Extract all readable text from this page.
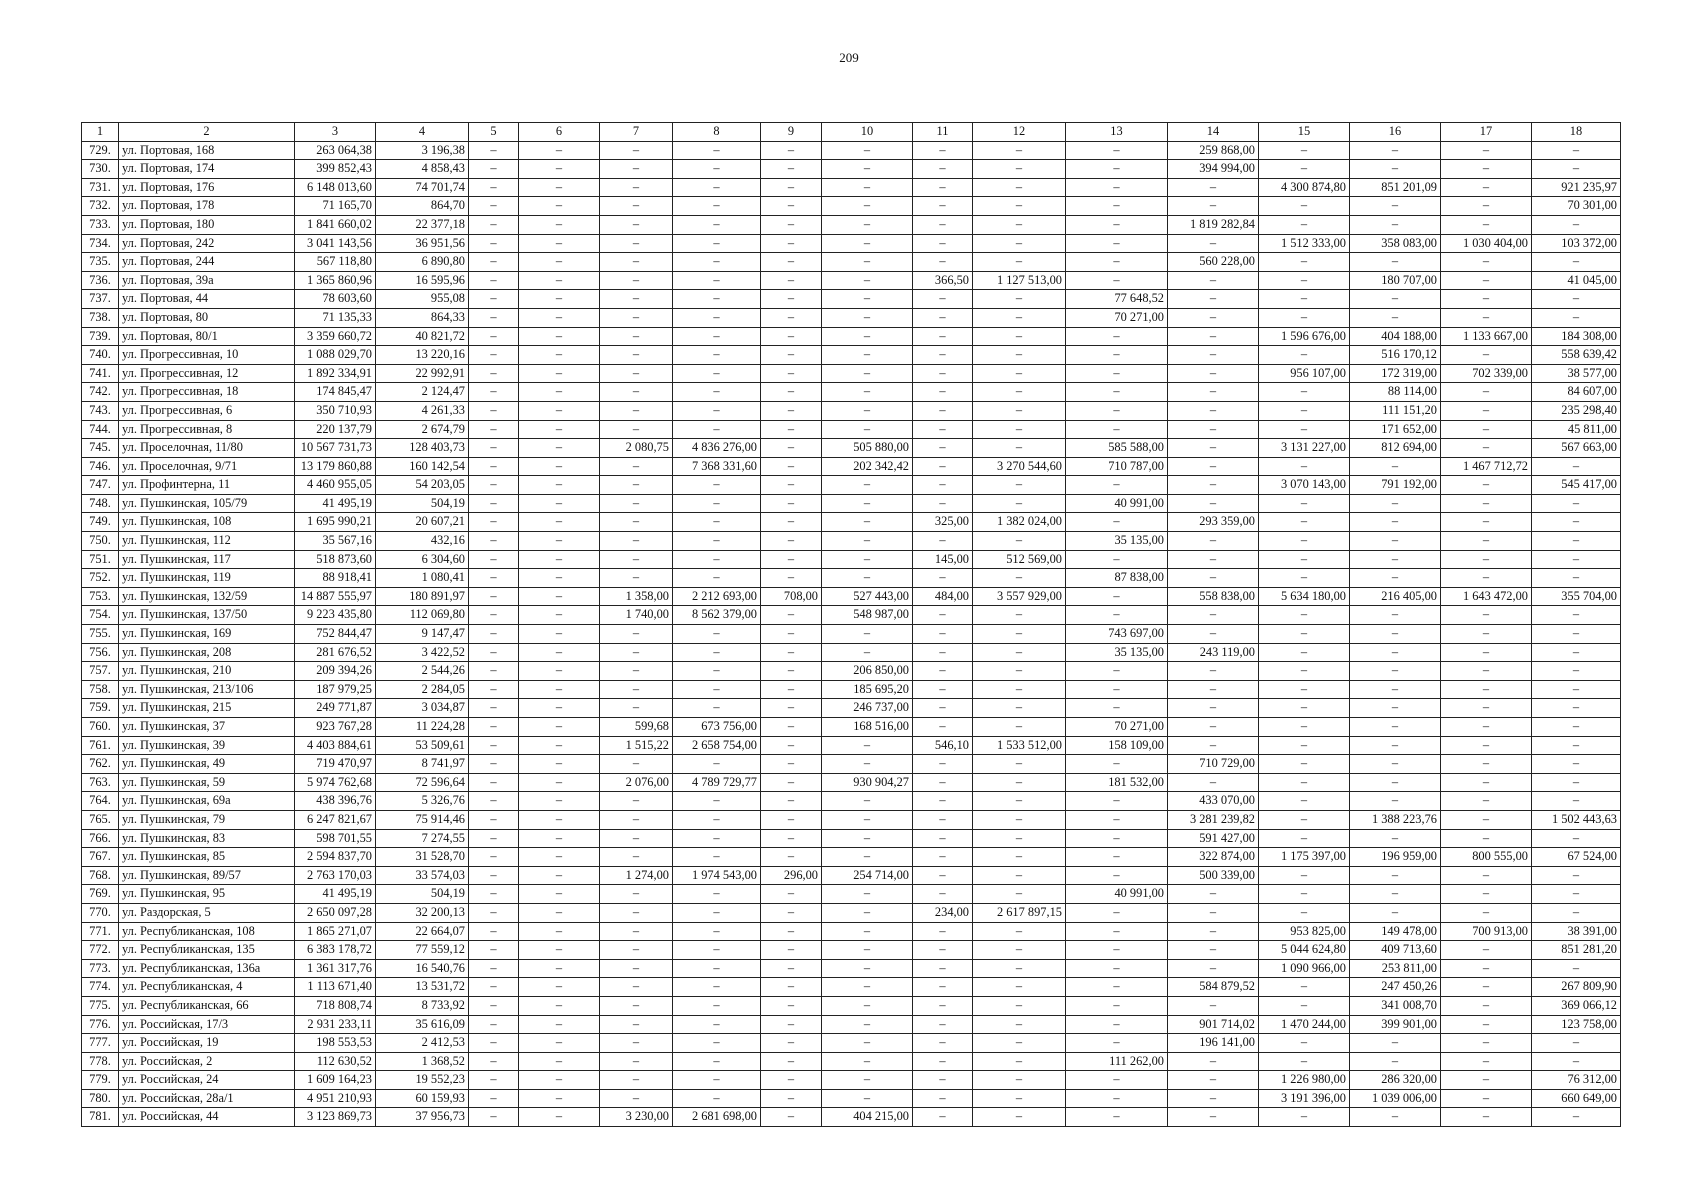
209
1	2	3	4	5	6	7	8	9	10	11	12	13	14	15	16	17	18
729.	ул. Портовая, 168	263 064,38	3 196,38	–	–	–	–	–	–	–	–	–	259 868,00	–	–	–	–
730.	ул. Портовая, 174	399 852,43	4 858,43	–	–	–	–	–	–	–	–	–	394 994,00	–	–	–	–
731.	ул. Портовая, 176	6 148 013,60	74 701,74	–	–	–	–	–	–	–	–	–	–	4 300 874,80	851 201,09	–	921 235,97
732.	ул. Портовая, 178	71 165,70	864,70	–	–	–	–	–	–	–	–	–	–	–	–	–	70 301,00
733.	ул. Портовая, 180	1 841 660,02	22 377,18	–	–	–	–	–	–	–	–	–	1 819 282,84	–	–	–	–
734.	ул. Портовая, 242	3 041 143,56	36 951,56	–	–	–	–	–	–	–	–	–	–	1 512 333,00	358 083,00	1 030 404,00	103 372,00
735.	ул. Портовая, 244	567 118,80	6 890,80	–	–	–	–	–	–	–	–	–	560 228,00	–	–	–	–
736.	ул. Портовая, 39а	1 365 860,96	16 595,96	–	–	–	–	–	–	366,50	1 127 513,00	–	–	–	180 707,00	–	41 045,00
737.	ул. Портовая, 44	78 603,60	955,08	–	–	–	–	–	–	–	–	77 648,52	–	–	–	–	–
738.	ул. Портовая, 80	71 135,33	864,33	–	–	–	–	–	–	–	–	70 271,00	–	–	–	–	–
739.	ул. Портовая, 80/1	3 359 660,72	40 821,72	–	–	–	–	–	–	–	–	–	–	1 596 676,00	404 188,00	1 133 667,00	184 308,00
740.	ул. Прогрессивная, 10	1 088 029,70	13 220,16	–	–	–	–	–	–	–	–	–	–	–	516 170,12	–	558 639,42
741.	ул. Прогрессивная, 12	1 892 334,91	22 992,91	–	–	–	–	–	–	–	–	–	–	956 107,00	172 319,00	702 339,00	38 577,00
742.	ул. Прогрессивная, 18	174 845,47	2 124,47	–	–	–	–	–	–	–	–	–	–	–	88 114,00	–	84 607,00
743.	ул. Прогрессивная, 6	350 710,93	4 261,33	–	–	–	–	–	–	–	–	–	–	–	111 151,20	–	235 298,40
744.	ул. Прогрессивная, 8	220 137,79	2 674,79	–	–	–	–	–	–	–	–	–	–	–	171 652,00	–	45 811,00
745.	ул. Проселочная, 11/80	10 567 731,73	128 403,73	–	–	2 080,75	4 836 276,00	–	505 880,00	–	–	585 588,00	–	3 131 227,00	812 694,00	–	567 663,00
746.	ул. Проселочная, 9/71	13 179 860,88	160 142,54	–	–	–	7 368 331,60	–	202 342,42	–	3 270 544,60	710 787,00	–	–	–	1 467 712,72	–
747.	ул. Профинтерна, 11	4 460 955,05	54 203,05	–	–	–	–	–	–	–	–	–	–	3 070 143,00	791 192,00	–	545 417,00
748.	ул. Пушкинская, 105/79	41 495,19	504,19	–	–	–	–	–	–	–	–	40 991,00	–	–	–	–	–
749.	ул. Пушкинская, 108	1 695 990,21	20 607,21	–	–	–	–	–	–	325,00	1 382 024,00	–	293 359,00	–	–	–	–
750.	ул. Пушкинская, 112	35 567,16	432,16	–	–	–	–	–	–	–	–	35 135,00	–	–	–	–	–
751.	ул. Пушкинская, 117	518 873,60	6 304,60	–	–	–	–	–	–	145,00	512 569,00	–	–	–	–	–	–
752.	ул. Пушкинская, 119	88 918,41	1 080,41	–	–	–	–	–	–	–	–	87 838,00	–	–	–	–	–
753.	ул. Пушкинская, 132/59	14 887 555,97	180 891,97	–	–	1 358,00	2 212 693,00	708,00	527 443,00	484,00	3 557 929,00	–	558 838,00	5 634 180,00	216 405,00	1 643 472,00	355 704,00
754.	ул. Пушкинская, 137/50	9 223 435,80	112 069,80	–	–	1 740,00	8 562 379,00	–	548 987,00	–	–	–	–	–	–	–	–
755.	ул. Пушкинская, 169	752 844,47	9 147,47	–	–	–	–	–	–	–	–	743 697,00	–	–	–	–	–
756.	ул. Пушкинская, 208	281 676,52	3 422,52	–	–	–	–	–	–	–	–	35 135,00	243 119,00	–	–	–	–
757.	ул. Пушкинская, 210	209 394,26	2 544,26	–	–	–	–	–	206 850,00	–	–	–	–	–	–	–	–
758.	ул. Пушкинская, 213/106	187 979,25	2 284,05	–	–	–	–	–	185 695,20	–	–	–	–	–	–	–	–
759.	ул. Пушкинская, 215	249 771,87	3 034,87	–	–	–	–	–	246 737,00	–	–	–	–	–	–	–	–
760.	ул. Пушкинская, 37	923 767,28	11 224,28	–	–	599,68	673 756,00	–	168 516,00	–	–	70 271,00	–	–	–	–	–
761.	ул. Пушкинская, 39	4 403 884,61	53 509,61	–	–	1 515,22	2 658 754,00	–	–	546,10	1 533 512,00	158 109,00	–	–	–	–	–
762.	ул. Пушкинская, 49	719 470,97	8 741,97	–	–	–	–	–	–	–	–	–	710 729,00	–	–	–	–
763.	ул. Пушкинская, 59	5 974 762,68	72 596,64	–	–	2 076,00	4 789 729,77	–	930 904,27	–	–	181 532,00	–	–	–	–	–
764.	ул. Пушкинская, 69а	438 396,76	5 326,76	–	–	–	–	–	–	–	–	–	433 070,00	–	–	–	–
765.	ул. Пушкинская, 79	6 247 821,67	75 914,46	–	–	–	–	–	–	–	–	–	3 281 239,82	–	1 388 223,76	–	1 502 443,63
766.	ул. Пушкинская, 83	598 701,55	7 274,55	–	–	–	–	–	–	–	–	–	591 427,00	–	–	–	–
767.	ул. Пушкинская, 85	2 594 837,70	31 528,70	–	–	–	–	–	–	–	–	–	322 874,00	1 175 397,00	196 959,00	800 555,00	67 524,00
768.	ул. Пушкинская, 89/57	2 763 170,03	33 574,03	–	–	1 274,00	1 974 543,00	296,00	254 714,00	–	–	–	500 339,00	–	–	–	–
769.	ул. Пушкинская, 95	41 495,19	504,19	–	–	–	–	–	–	–	–	40 991,00	–	–	–	–	–
770.	ул. Раздорская, 5	2 650 097,28	32 200,13	–	–	–	–	–	–	234,00	2 617 897,15	–	–	–	–	–	–
771.	ул. Республиканская, 108	1 865 271,07	22 664,07	–	–	–	–	–	–	–	–	–	–	953 825,00	149 478,00	700 913,00	38 391,00
772.	ул. Республиканская, 135	6 383 178,72	77 559,12	–	–	–	–	–	–	–	–	–	–	5 044 624,80	409 713,60	–	851 281,20
773.	ул. Республиканская, 136а	1 361 317,76	16 540,76	–	–	–	–	–	–	–	–	–	–	1 090 966,00	253 811,00	–	–
774.	ул. Республиканская, 4	1 113 671,40	13 531,72	–	–	–	–	–	–	–	–	–	584 879,52	–	247 450,26	–	267 809,90
775.	ул. Республиканская, 66	718 808,74	8 733,92	–	–	–	–	–	–	–	–	–	–	–	341 008,70	–	369 066,12
776.	ул. Российская, 17/3	2 931 233,11	35 616,09	–	–	–	–	–	–	–	–	–	901 714,02	1 470 244,00	399 901,00	–	123 758,00
777.	ул. Российская, 19	198 553,53	2 412,53	–	–	–	–	–	–	–	–	–	196 141,00	–	–	–	–
778.	ул. Российская, 2	112 630,52	1 368,52	–	–	–	–	–	–	–	–	111 262,00	–	–	–	–	–
779.	ул. Российская, 24	1 609 164,23	19 552,23	–	–	–	–	–	–	–	–	–	–	1 226 980,00	286 320,00	–	76 312,00
780.	ул. Российская, 28а/1	4 951 210,93	60 159,93	–	–	–	–	–	–	–	–	–	–	3 191 396,00	1 039 006,00	–	660 649,00
781.	ул. Российская, 44	3 123 869,73	37 956,73	–	–	3 230,00	2 681 698,00	–	404 215,00	–	–	–	–	–	–	–	–
